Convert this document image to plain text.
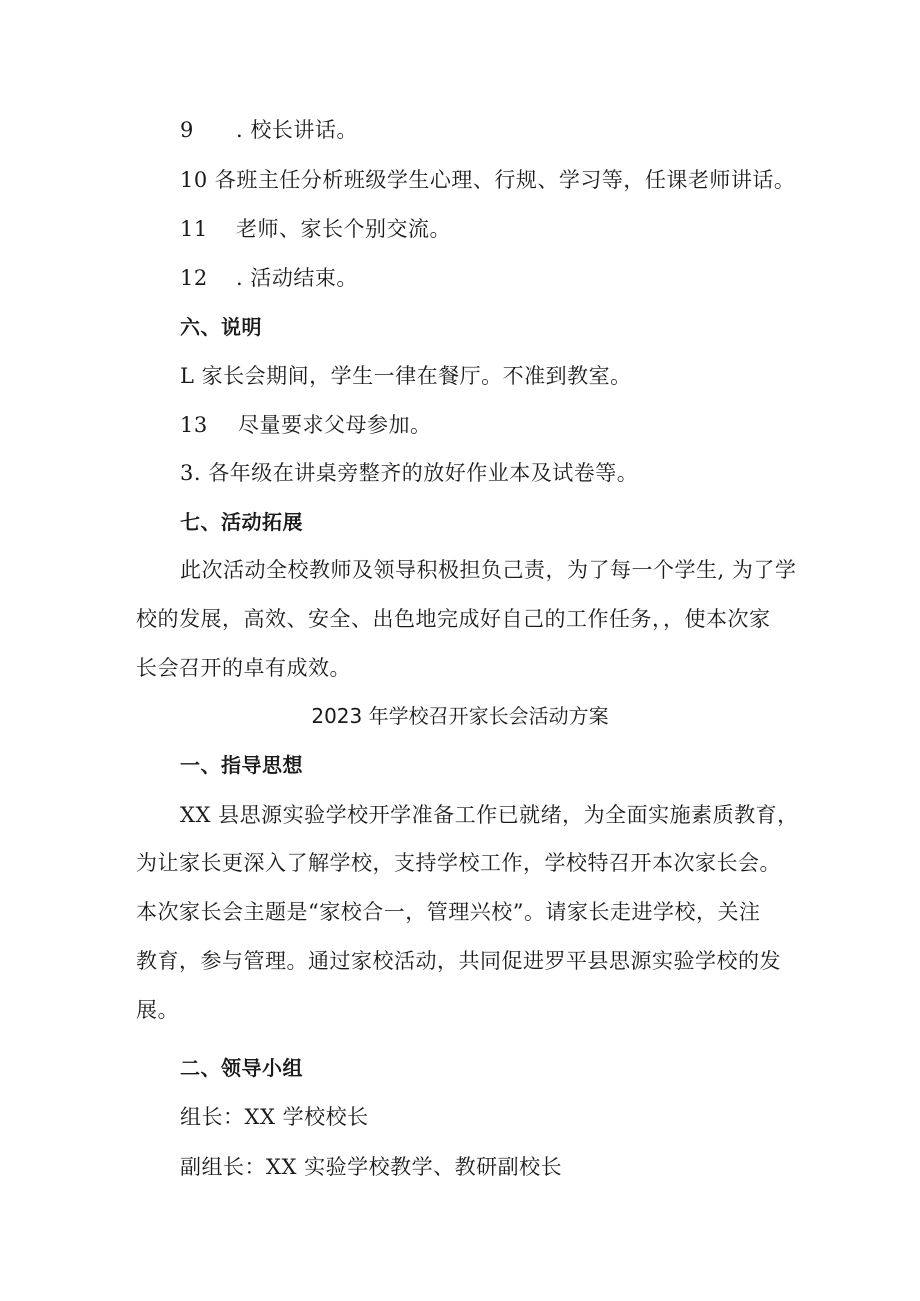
9 . 校长讲话。
10 各班主任分析班级学生心理、行规、学习等，任课老师讲话。
11 老师、家长个别交流。
12 . 活动结束。
六、说明
L 家长会期间，学生一律在餐厅。不准到教室。
13 尽量要求父母参加。
3. 各年级在讲桌旁整齐的放好作业本及试卷等。
七、活动拓展
此次活动全校教师及领导积极担负己责，为了每一个学生, 为了学
校的发展，高效、安全、出色地完成好自己的工作任务，，使本次家
长会召开的卓有成效。
2023 年学校召开家长会活动方案
一、指导思想
XX 县思源实验学校开学准备工作已就绪，为全面实施素质教育，
为让家长更深入了解学校，支持学校工作，学校特召开本次家长会。
本次家长会主题是“家校合一，管理兴校”。请家长走进学校，关注
教育，参与管理。通过家校活动，共同促进罗平县思源实验学校的发
展。
二、领导小组
组长：XX 学校校长
副组长：XX 实验学校教学、教研副校长
